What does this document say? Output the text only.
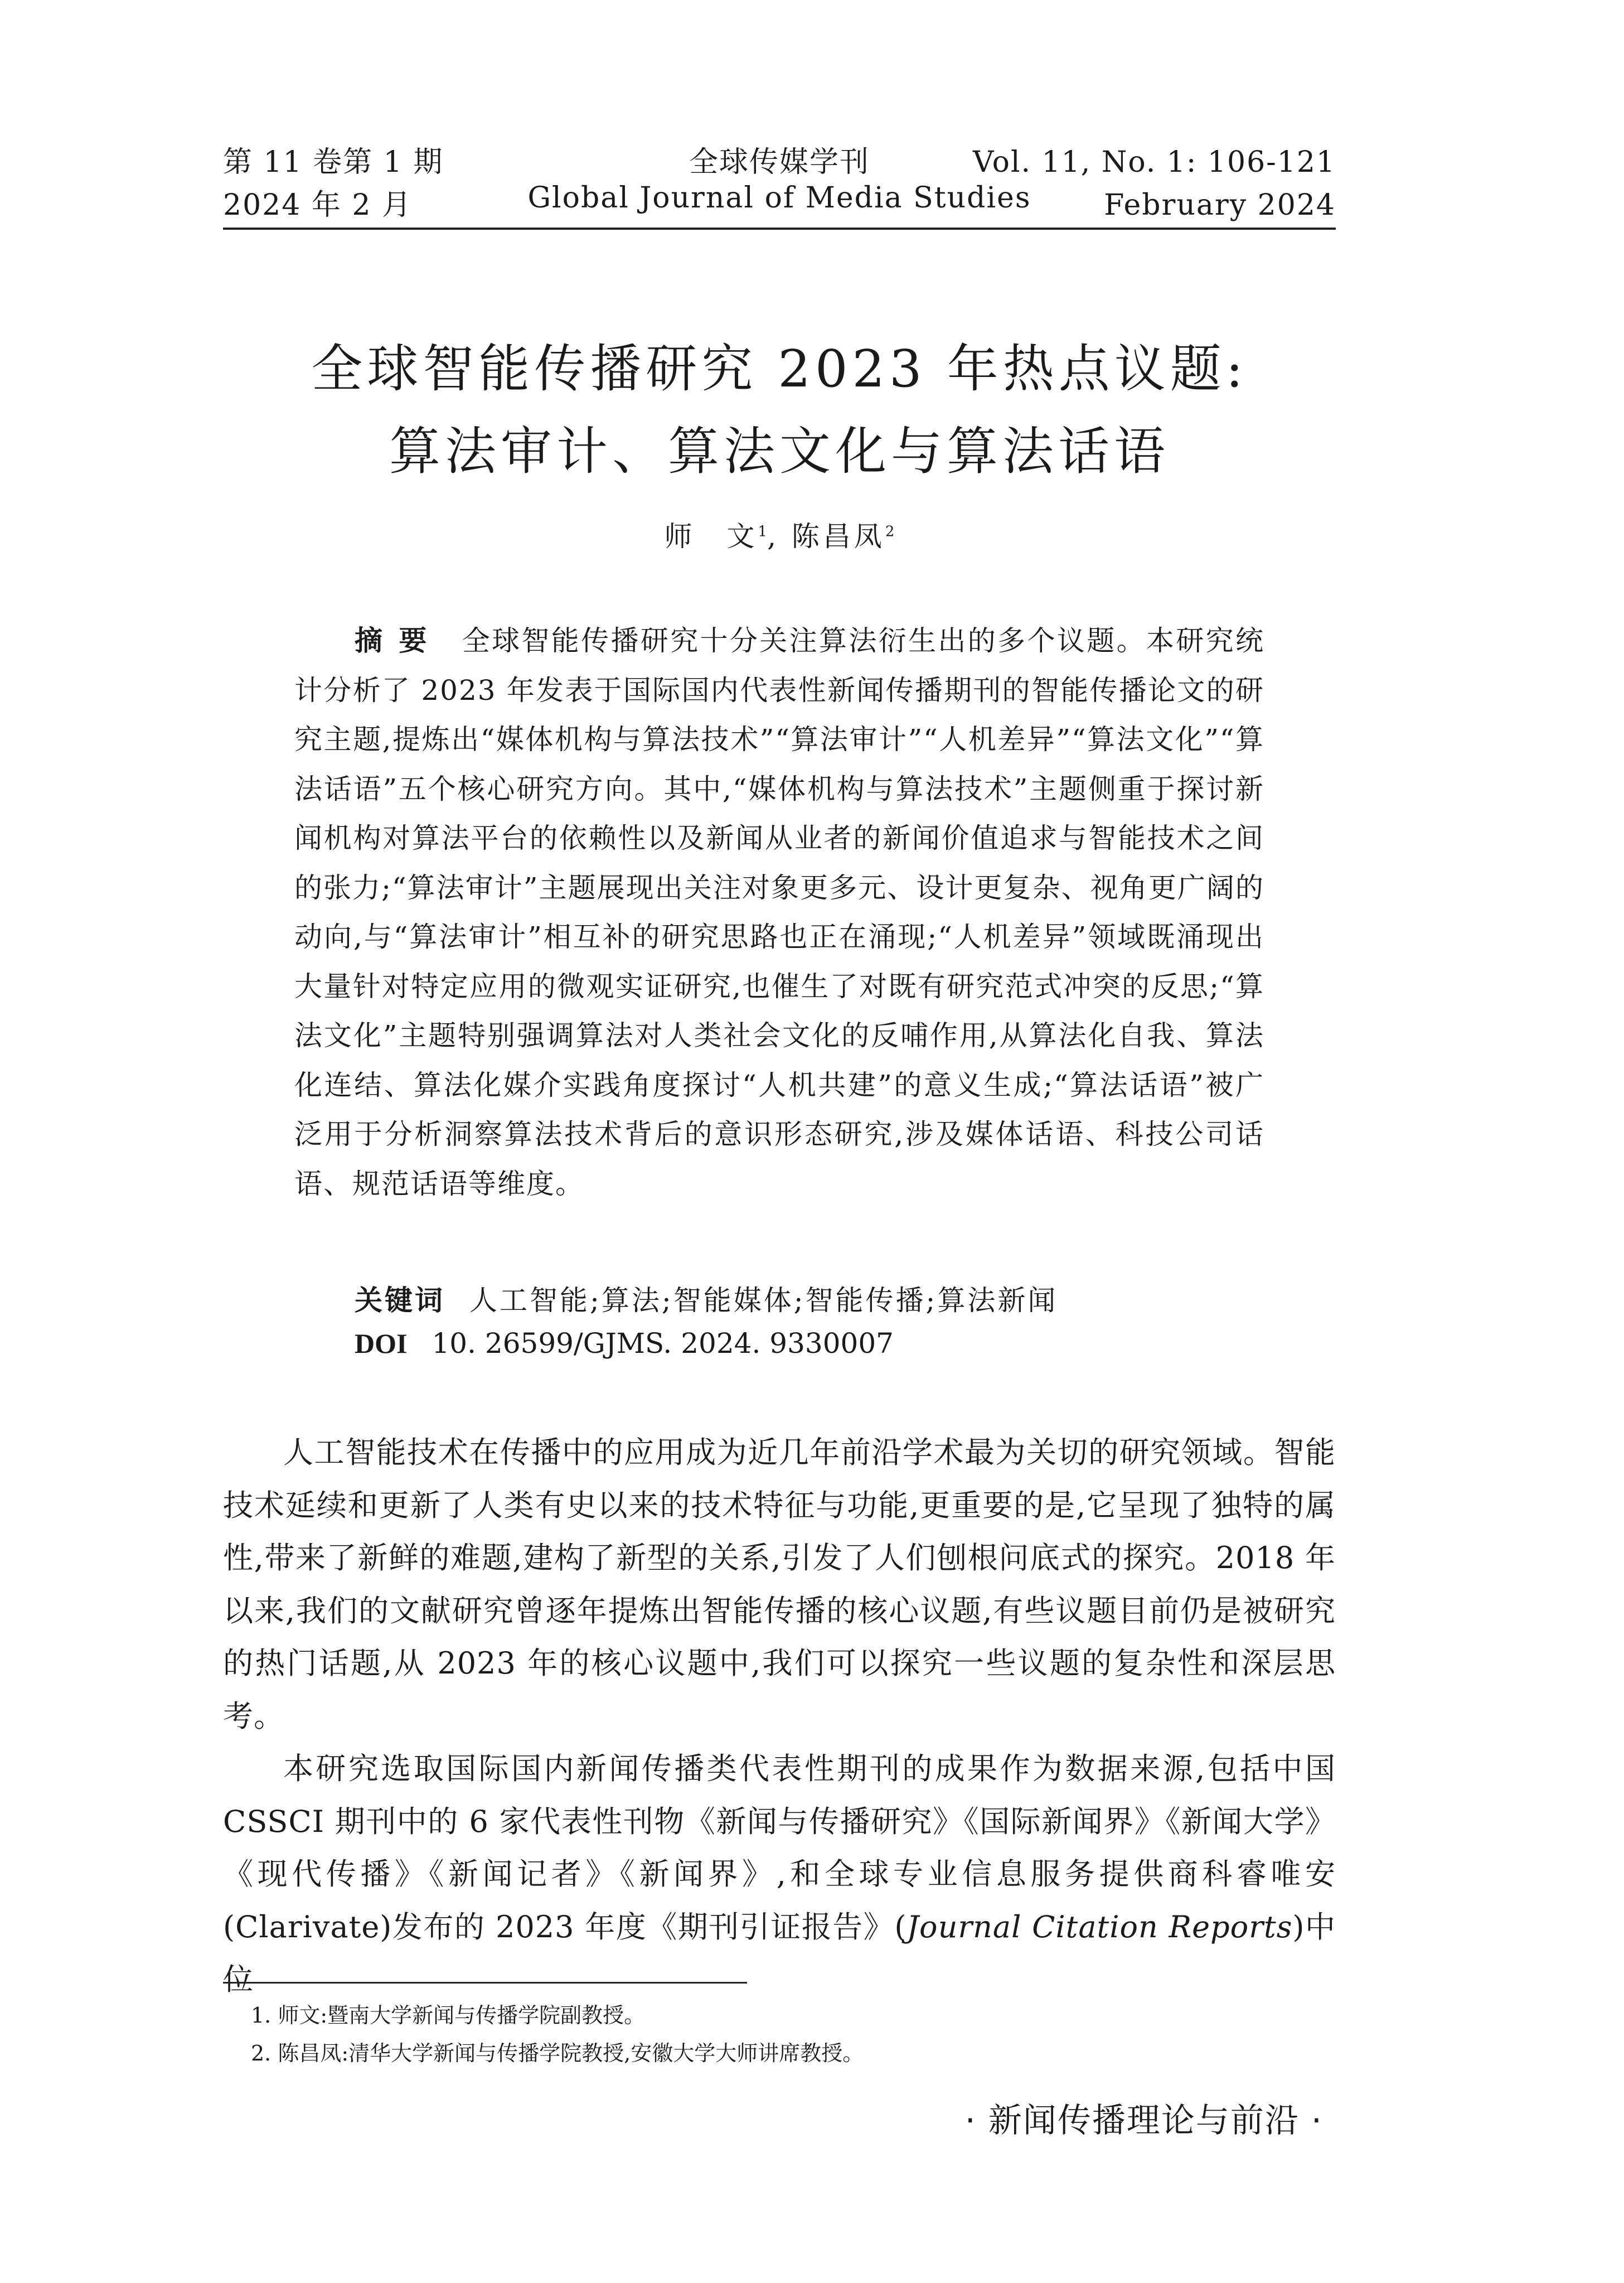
第 11 卷第 1 期	全球传媒学刊	Vol. 11, No. 1: 106-121
2024 年 2 月	Global Journal of Media Studies	February 2024
全球智能传播研究 2023 年热点议题:
算法审计、算法文化与算法话语
师　文$^1$, 陈昌凤$^2$
摘要 全球智能传播研究十分关注算法衍生出的多个议题。本研究统计分析了 2023 年发表于国际国内代表性新闻传播期刊的智能传播论文的研究主题,提炼出“媒体机构与算法技术”“算法审计”“人机差异”“算法文化”“算法话语”五个核心研究方向。其中,“媒体机构与算法技术”主题侧重于探讨新闻机构对算法平台的依赖性以及新闻从业者的新闻价值追求与智能技术之间的张力;“算法审计”主题展现出关注对象更多元、设计更复杂、视角更广阔的动向,与“算法审计”相互补的研究思路也正在涌现;“人机差异”领域既涌现出大量针对特定应用的微观实证研究,也催生了对既有研究范式冲突的反思;“算法文化”主题特别强调算法对人类社会文化的反哺作用,从算法化自我、算法化连结、算法化媒介实践角度探讨“人机共建”的意义生成;“算法话语”被广泛用于分析洞察算法技术背后的意识形态研究,涉及媒体话语、科技公司话语、规范话语等维度。
关键词 人工智能;算法;智能媒体;智能传播;算法新闻
DOI 10. 26599/GJMS. 2024. 9330007

人工智能技术在传播中的应用成为近几年前沿学术最为关切的研究领域。智能技术延续和更新了人类有史以来的技术特征与功能,更重要的是,它呈现了独特的属性,带来了新鲜的难题,建构了新型的关系,引发了人们刨根问底式的探究。2018 年以来,我们的文献研究曾逐年提炼出智能传播的核心议题,有些议题目前仍是被研究的热门话题,从 2023 年的核心议题中,我们可以探究一些议题的复杂性和深层思考。

本研究选取国际国内新闻传播类代表性期刊的成果作为数据来源,包括中国 CSSCI 期刊中的 6 家代表性刊物《新闻与传播研究》《国际新闻界》《新闻大学》《现代传播》《新闻记者》《新闻界》,和全球专业信息服务提供商科睿唯安(Clarivate)发布的 2023 年度《期刊引证报告》(Journal Citation Reports)中位

1. 师文:暨南大学新闻与传播学院副教授。
2. 陈昌凤:清华大学新闻与传播学院教授,安徽大学大师讲席教授。
· 新闻传播理论与前沿 ·
